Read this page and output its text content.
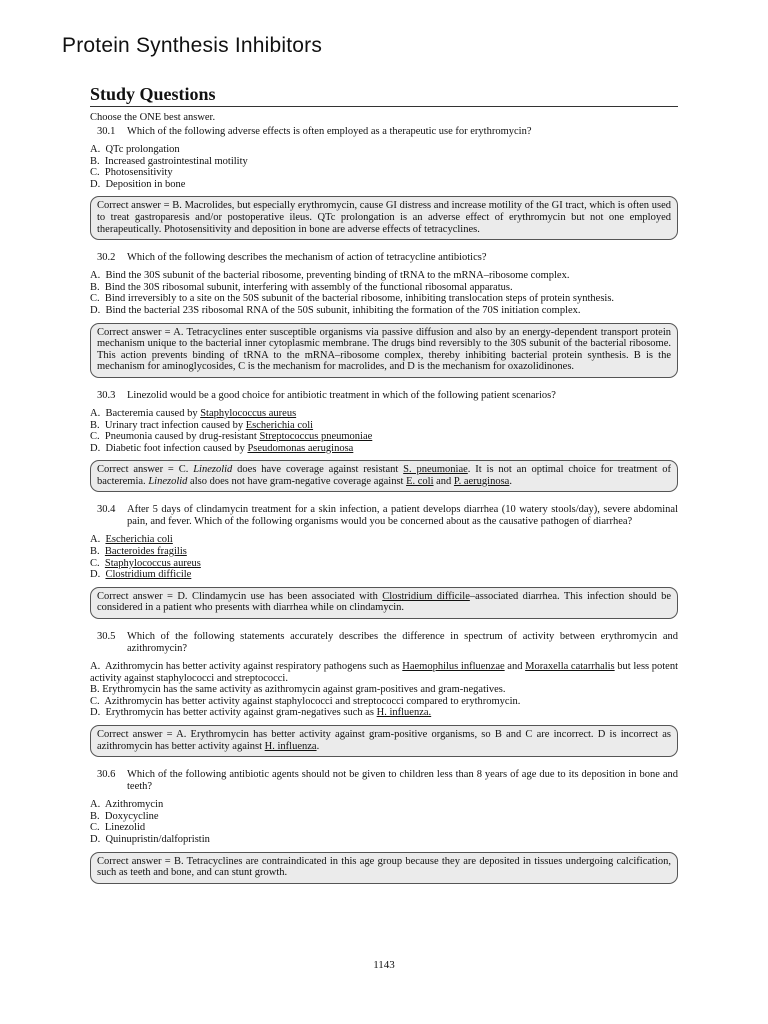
Protein Synthesis Inhibitors
Study Questions
Choose the ONE best answer.
30.1	Which of the following adverse effects is often employed as a therapeutic use for erythromycin?
A. QTc prolongation
B. Increased gastrointestinal motility
C. Photosensitivity
D. Deposition in bone
Correct answer = B. Macrolides, but especially erythromycin, cause GI distress and increase motility of the GI tract, which is often used to treat gastroparesis and/or postoperative ileus. QTc prolongation is an adverse effect of erythromycin but not one employed therapeutically. Photosensitivity and deposition in bone are adverse effects of tetracyclines.
30.2	Which of the following describes the mechanism of action of tetracycline antibiotics?
A. Bind the 30S subunit of the bacterial ribosome, preventing binding of tRNA to the mRNA–ribosome complex.
B. Bind the 30S ribosomal subunit, interfering with assembly of the functional ribosomal apparatus.
C. Bind irreversibly to a site on the 50S subunit of the bacterial ribosome, inhibiting translocation steps of protein synthesis.
D. Bind the bacterial 23S ribosomal RNA of the 50S subunit, inhibiting the formation of the 70S initiation complex.
Correct answer = A. Tetracyclines enter susceptible organisms via passive diffusion and also by an energy-dependent transport protein mechanism unique to the bacterial inner cytoplasmic membrane. The drugs bind reversibly to the 30S subunit of the bacterial ribosome. This action prevents binding of tRNA to the mRNA–ribosome complex, thereby inhibiting bacterial protein synthesis. B is the mechanism for aminoglycosides, C is the mechanism for macrolides, and D is the mechanism for oxazolidinones.
30.3	Linezolid would be a good choice for antibiotic treatment in which of the following patient scenarios?
A. Bacteremia caused by Staphylococcus aureus
B. Urinary tract infection caused by Escherichia coli
C. Pneumonia caused by drug-resistant Streptococcus pneumoniae
D. Diabetic foot infection caused by Pseudomonas aeruginosa
Correct answer = C. Linezolid does have coverage against resistant S. pneumoniae. It is not an optimal choice for treatment of bacteremia. Linezolid also does not have gram-negative coverage against E. coli and P. aeruginosa.
30.4	After 5 days of clindamycin treatment for a skin infection, a patient develops diarrhea (10 watery stools/day), severe abdominal pain, and fever. Which of the following organisms would you be concerned about as the causative pathogen of diarrhea?
A. Escherichia coli
B. Bacteroides fragilis
C. Staphylococcus aureus
D. Clostridium difficile
Correct answer = D. Clindamycin use has been associated with Clostridium difficile–associated diarrhea. This infection should be considered in a patient who presents with diarrhea while on clindamycin.
30.5	Which of the following statements accurately describes the difference in spectrum of activity between erythromycin and azithromycin?
A. Azithromycin has better activity against respiratory pathogens such as Haemophilus influenzae and Moraxella catarrhalis but less potent activity against staphylococci and streptococci.
B. Erythromycin has the same activity as azithromycin against gram-positives and gram-negatives.
C. Azithromycin has better activity against staphylococci and streptococci compared to erythromycin.
D. Erythromycin has better activity against gram-negatives such as H. influenza.
Correct answer = A. Erythromycin has better activity against gram-positive organisms, so B and C are incorrect. D is incorrect as azithromycin has better activity against H. influenza.
30.6	Which of the following antibiotic agents should not be given to children less than 8 years of age due to its deposition in bone and teeth?
A. Azithromycin
B. Doxycycline
C. Linezolid
D. Quinupristin/dalfopristin
Correct answer = B. Tetracyclines are contraindicated in this age group because they are deposited in tissues undergoing calcification, such as teeth and bone, and can stunt growth.
1143
